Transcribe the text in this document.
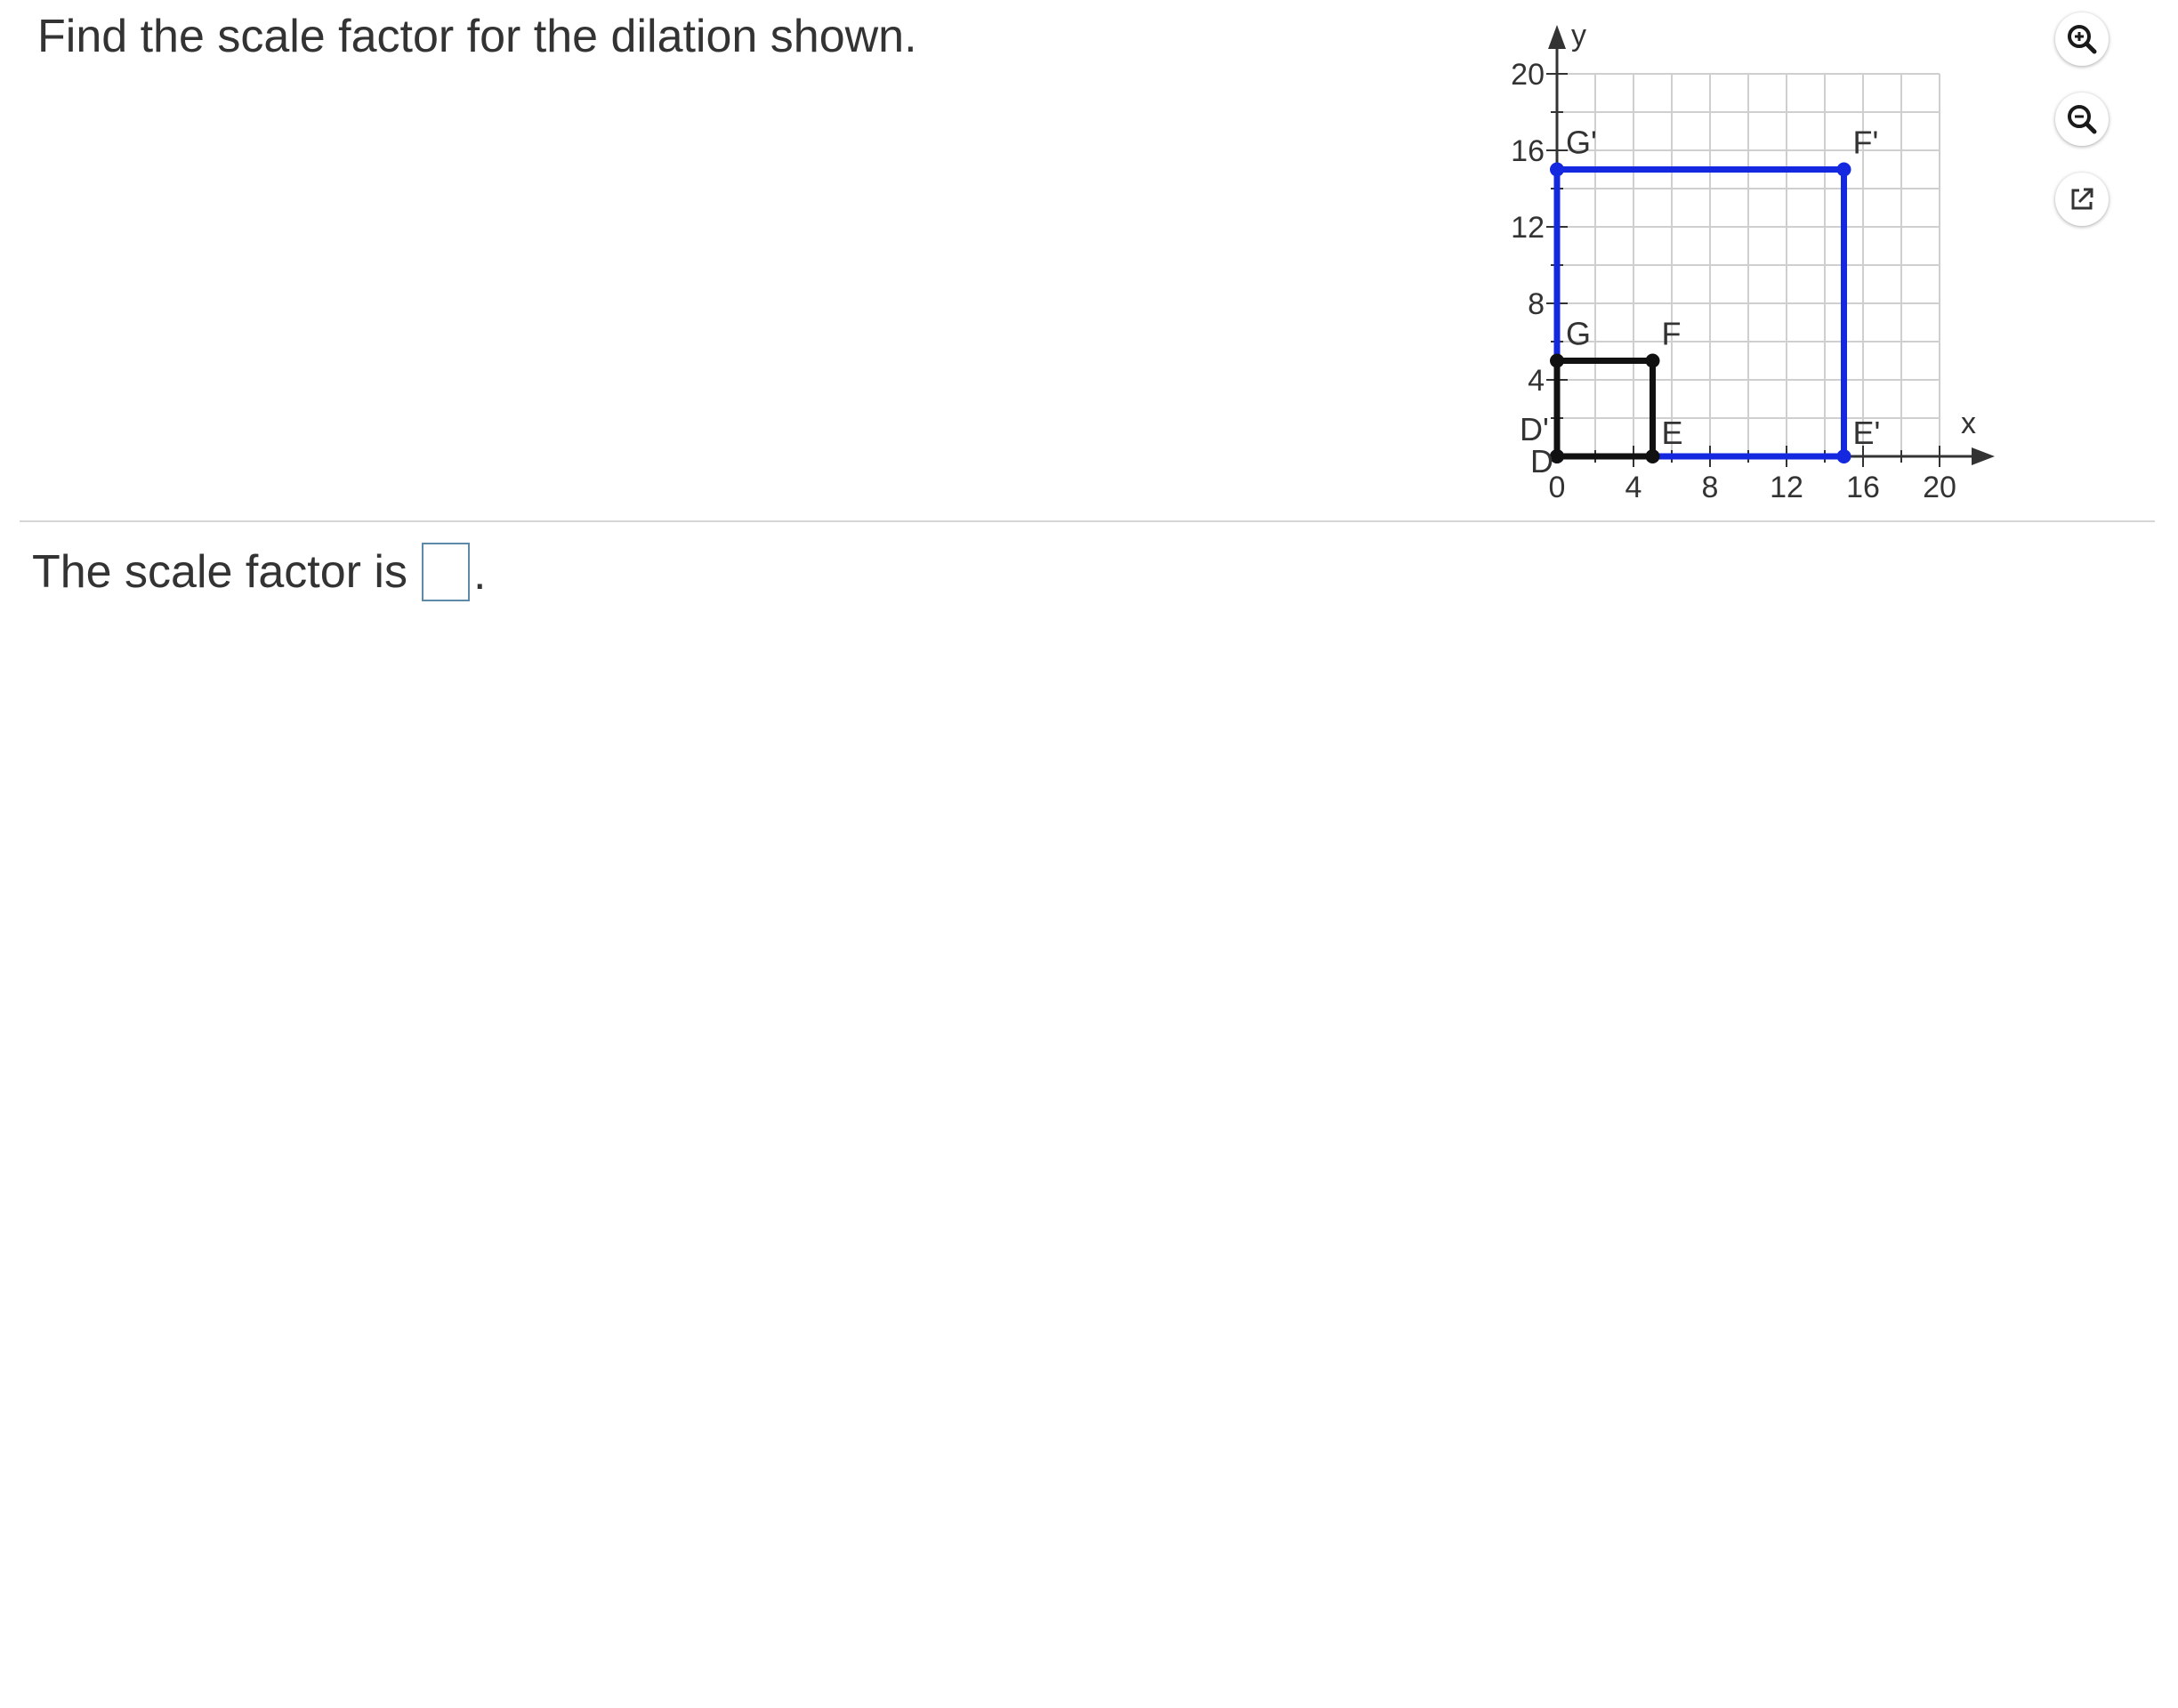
Find the scale factor for the dilation shown.
x
y
0 4 8 12 16 20
4
8
12
16
20
D
E
F
G
D'	E'
F'
G'
The scale factor is .
